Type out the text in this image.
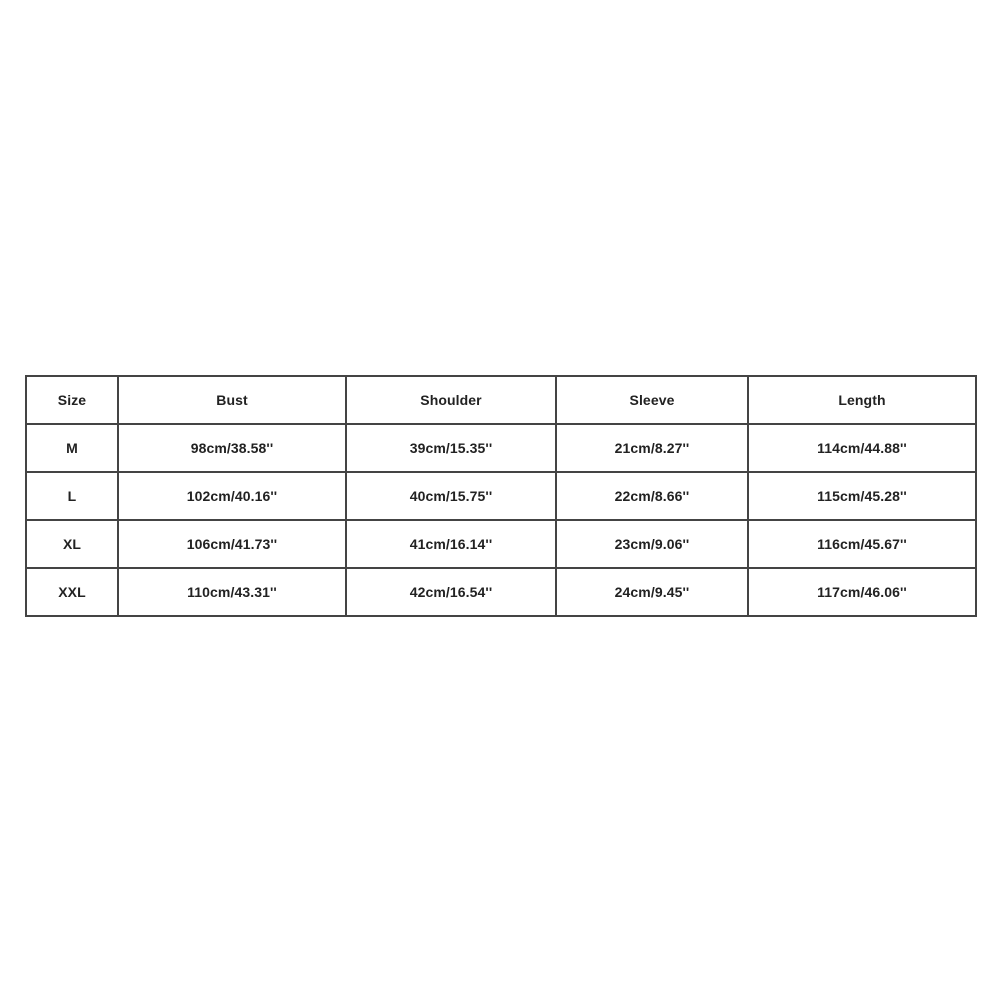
Size	Bust	Shoulder	Sleeve	Length
M	98cm/38.58''	39cm/15.35''	21cm/8.27''	114cm/44.88''
L	102cm/40.16''	40cm/15.75''	22cm/8.66''	115cm/45.28''
XL	106cm/41.73''	41cm/16.14''	23cm/9.06''	116cm/45.67''
XXL	110cm/43.31''	42cm/16.54''	24cm/9.45''	117cm/46.06''
